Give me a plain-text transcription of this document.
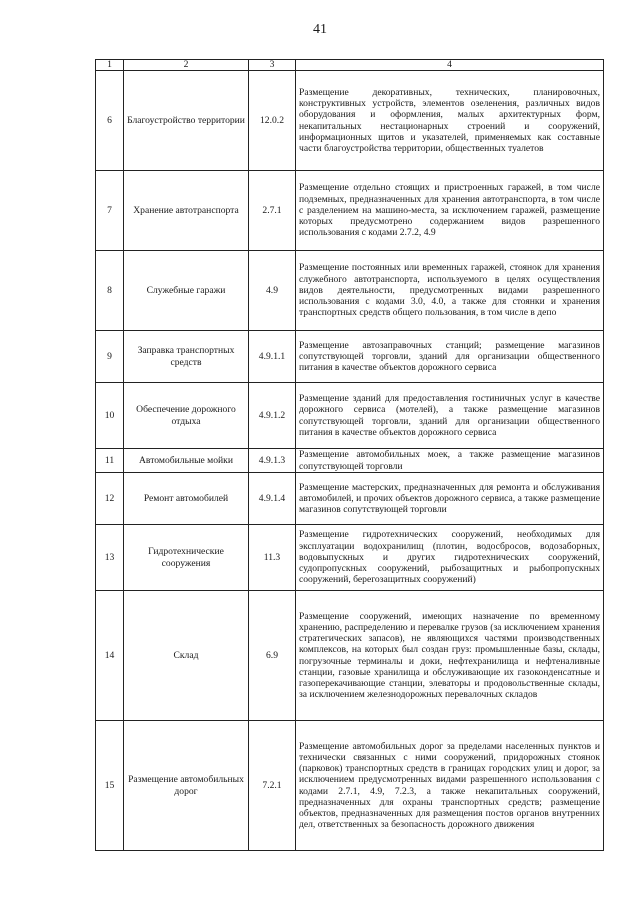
41
1	2	3	4
6	Благоустройство территории	12.0.2	Размещение декоративных, технических, планировочных, конструктивных устройств, элементов озеленения, различных видов оборудования и оформления, малых архитектурных форм, некапитальных нестационарных строений и сооружений, информационных щитов и указателей, применяемых как составные части благоустройства территории, общественных туалетов
7	Хранение автотранспорта	2.7.1	Размещение отдельно стоящих и пристроенных гаражей, в том числе подземных, предназначенных для хранения автотранспорта, в том числе с разделением на машино-места, за исключением гаражей, размещение которых предусмотрено содержанием видов разрешенного использования с кодами 2.7.2, 4.9
8	Служебные гаражи	4.9	Размещение постоянных или временных гаражей, стоянок для хранения служебного автотранспорта, используемого в целях осуществления видов деятельности, предусмотренных видами разрешенного использования с кодами 3.0, 4.0, а также для стоянки и хранения транспортных средств общего пользования, в том числе в депо
9	Заправка транспортных средств	4.9.1.1	Размещение автозаправочных станций; размещение магазинов сопутствующей торговли, зданий для организации общественного питания в качестве объектов дорожного сервиса
10	Обеспечение дорожного отдыха	4.9.1.2	Размещение зданий для предоставления гостиничных услуг в качестве дорожного сервиса (мотелей), а также размещение магазинов сопутствующей торговли, зданий для организации общественного питания в качестве объектов дорожного сервиса
11	Автомобильные мойки	4.9.1.3	Размещение автомобильных моек, а также размещение магазинов сопутствующей торговли
12	Ремонт автомобилей	4.9.1.4	Размещение мастерских, предназначенных для ремонта и обслуживания автомобилей, и прочих объектов дорожного сервиса, а также размещение магазинов сопутствующей торговли
13	Гидротехнические сооружения	11.3	Размещение гидротехнических сооружений, необходимых для эксплуатации водохранилищ (плотин, водосбросов, водозаборных, водовыпускных и других гидротехнических сооружений, судопропускных сооружений, рыбозащитных и рыбопропускных сооружений, берегозащитных сооружений)
14	Склад	6.9	Размещение сооружений, имеющих назначение по временному хранению, распределению и перевалке грузов (за исключением хранения стратегических запасов), не являющихся частями производственных комплексов, на которых был создан груз: промышленные базы, склады, погрузочные терминалы и доки, нефтехранилища и нефтеналивные станции, газовые хранилища и обслуживающие их газоконденсатные и газоперекачивающие станции, элеваторы и продовольственные склады, за исключением железнодорожных перевалочных складов
15	Размещение автомобильных дорог	7.2.1	Размещение автомобильных дорог за пределами населенных пунктов и технически связанных с ними сооружений, придорожных стоянок (парковок) транспортных средств в границах городских улиц и дорог, за исключением предусмотренных видами разрешенного использования с кодами 2.7.1, 4.9, 7.2.3, а также некапитальных сооружений, предназначенных для охраны транспортных средств; размещение объектов, предназначенных для размещения постов органов внутренних дел, ответственных за безопасность дорожного движения
